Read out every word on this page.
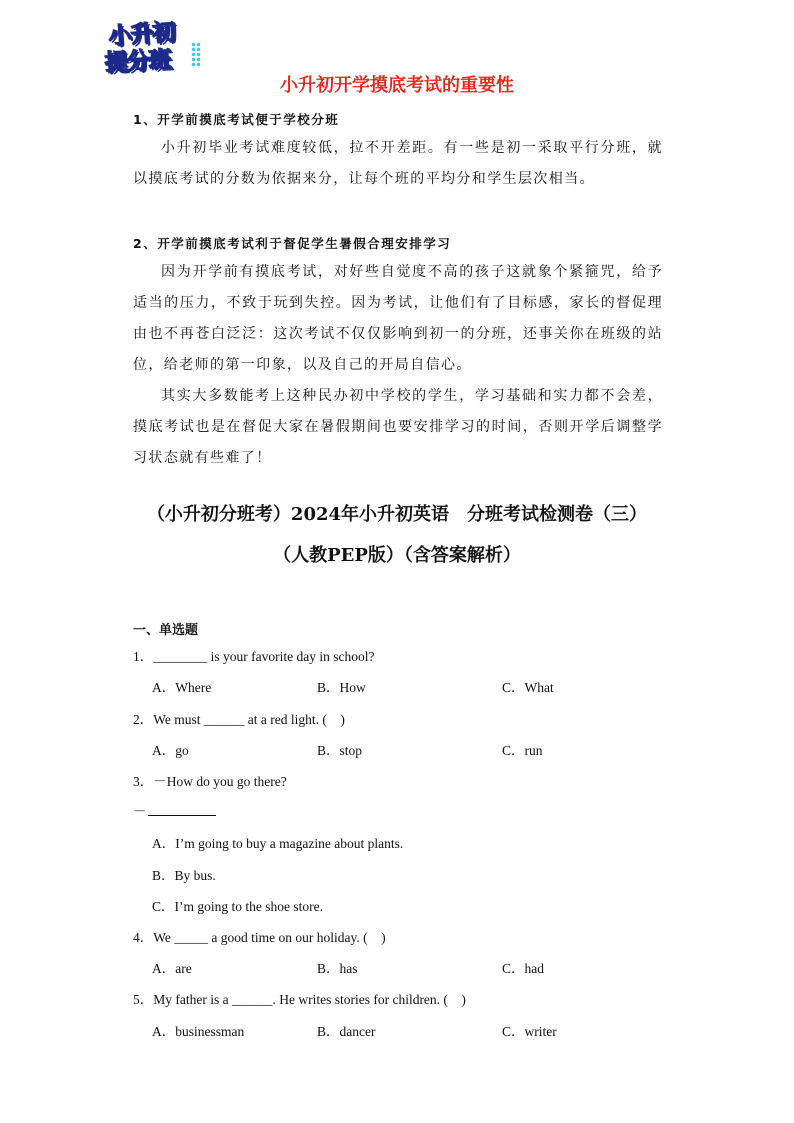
小升初
提分班
小升初开学摸底考试的重要性
1、开学前摸底考试便于学校分班
小升初毕业考试难度较低，拉不开差距。有一些是初一采取平行分班，就以摸底考试的分数为依据来分，让每个班的平均分和学生层次相当。
2、开学前摸底考试利于督促学生暑假合理安排学习
因为开学前有摸底考试，对好些自觉度不高的孩子这就象个紧箍咒，给予适当的压力，不致于玩到失控。因为考试，让他们有了目标感，家长的督促理由也不再苍白泛泛：这次考试不仅仅影响到初一的分班，还事关你在班级的站位，给老师的第一印象，以及自己的开局自信心。
其实大多数能考上这种民办初中学校的学生，学习基础和实力都不会差，摸底考试也是在督促大家在暑假期间也要安排学习的时间，否则开学后调整学习状态就有些难了！
（小升初分班考）2024年小升初英语　分班考试检测卷（三）
（人教PEP版）（含答案解析）
一、单选题
1．________ is your favorite day in school?
A．Where	B．How	C．What
2．We must ______ at a red light. (　)
A．go	B．stop	C．run
3．－How do you go there?
－
A．I’m going to buy a magazine about plants.
B．By bus.
C．I’m going to the shoe store.
4．We _____ a good time on our holiday. (　)
A．are	B．has	C．had
5．My father is a ______. He writes stories for children. (　)
A．businessman	B．dancer	C．writer
